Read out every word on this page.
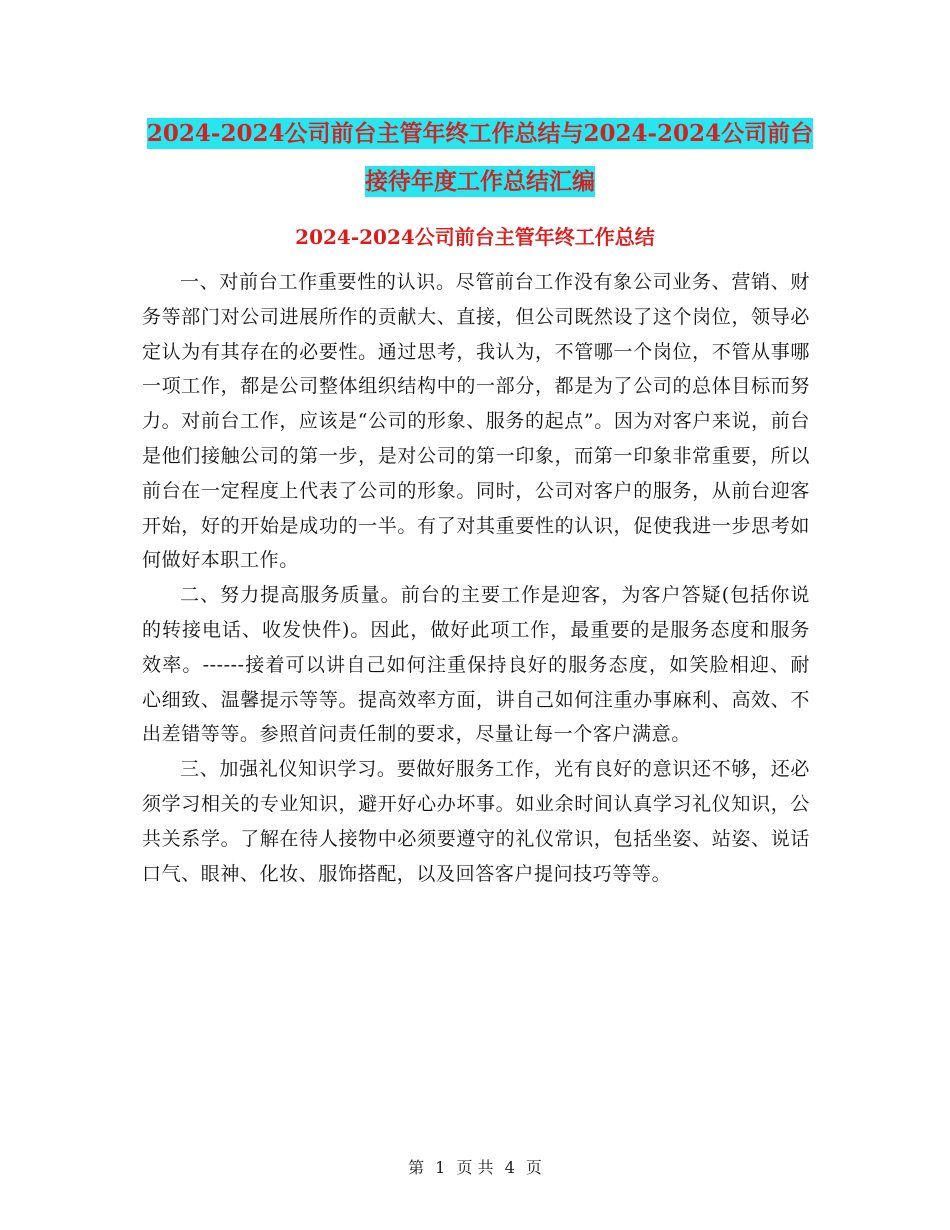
2024-2024公司前台主管年终工作总结与2024-2024公司前台接待年度工作总结汇编
2024-2024公司前台主管年终工作总结

一、对前台工作重要性的认识。尽管前台工作没有象公司业务、营销、财务等部门对公司进展所作的贡献大、直接，但公司既然设了这个岗位，领导必定认为有其存在的必要性。通过思考，我认为，不管哪一个岗位，不管从事哪一项工作，都是公司整体组织结构中的一部分，都是为了公司的总体目标而努力。对前台工作，应该是“公司的形象、服务的起点”。因为对客户来说，前台是他们接触公司的第一步，是对公司的第一印象，而第一印象非常重要，所以前台在一定程度上代表了公司的形象。同时，公司对客户的服务，从前台迎客开始，好的开始是成功的一半。有了对其重要性的认识，促使我进一步思考如何做好本职工作。

二、努力提高服务质量。前台的主要工作是迎客，为客户答疑(包括你说的转接电话、收发快件)。因此，做好此项工作，最重要的是服务态度和服务效率。------接着可以讲自己如何注重保持良好的服务态度，如笑脸相迎、耐心细致、温馨提示等等。提高效率方面，讲自己如何注重办事麻利、高效、不出差错等等。参照首问责任制的要求，尽量让每一个客户满意。

三、加强礼仪知识学习。要做好服务工作，光有良好的意识还不够，还必须学习相关的专业知识，避开好心办坏事。如业余时间认真学习礼仪知识，公共关系学。了解在待人接物中必须要遵守的礼仪常识，包括坐姿、站姿、说话口气、眼神、化妆、服饰搭配，以及回答客户提问技巧等等。

第 1 页 共 4 页
